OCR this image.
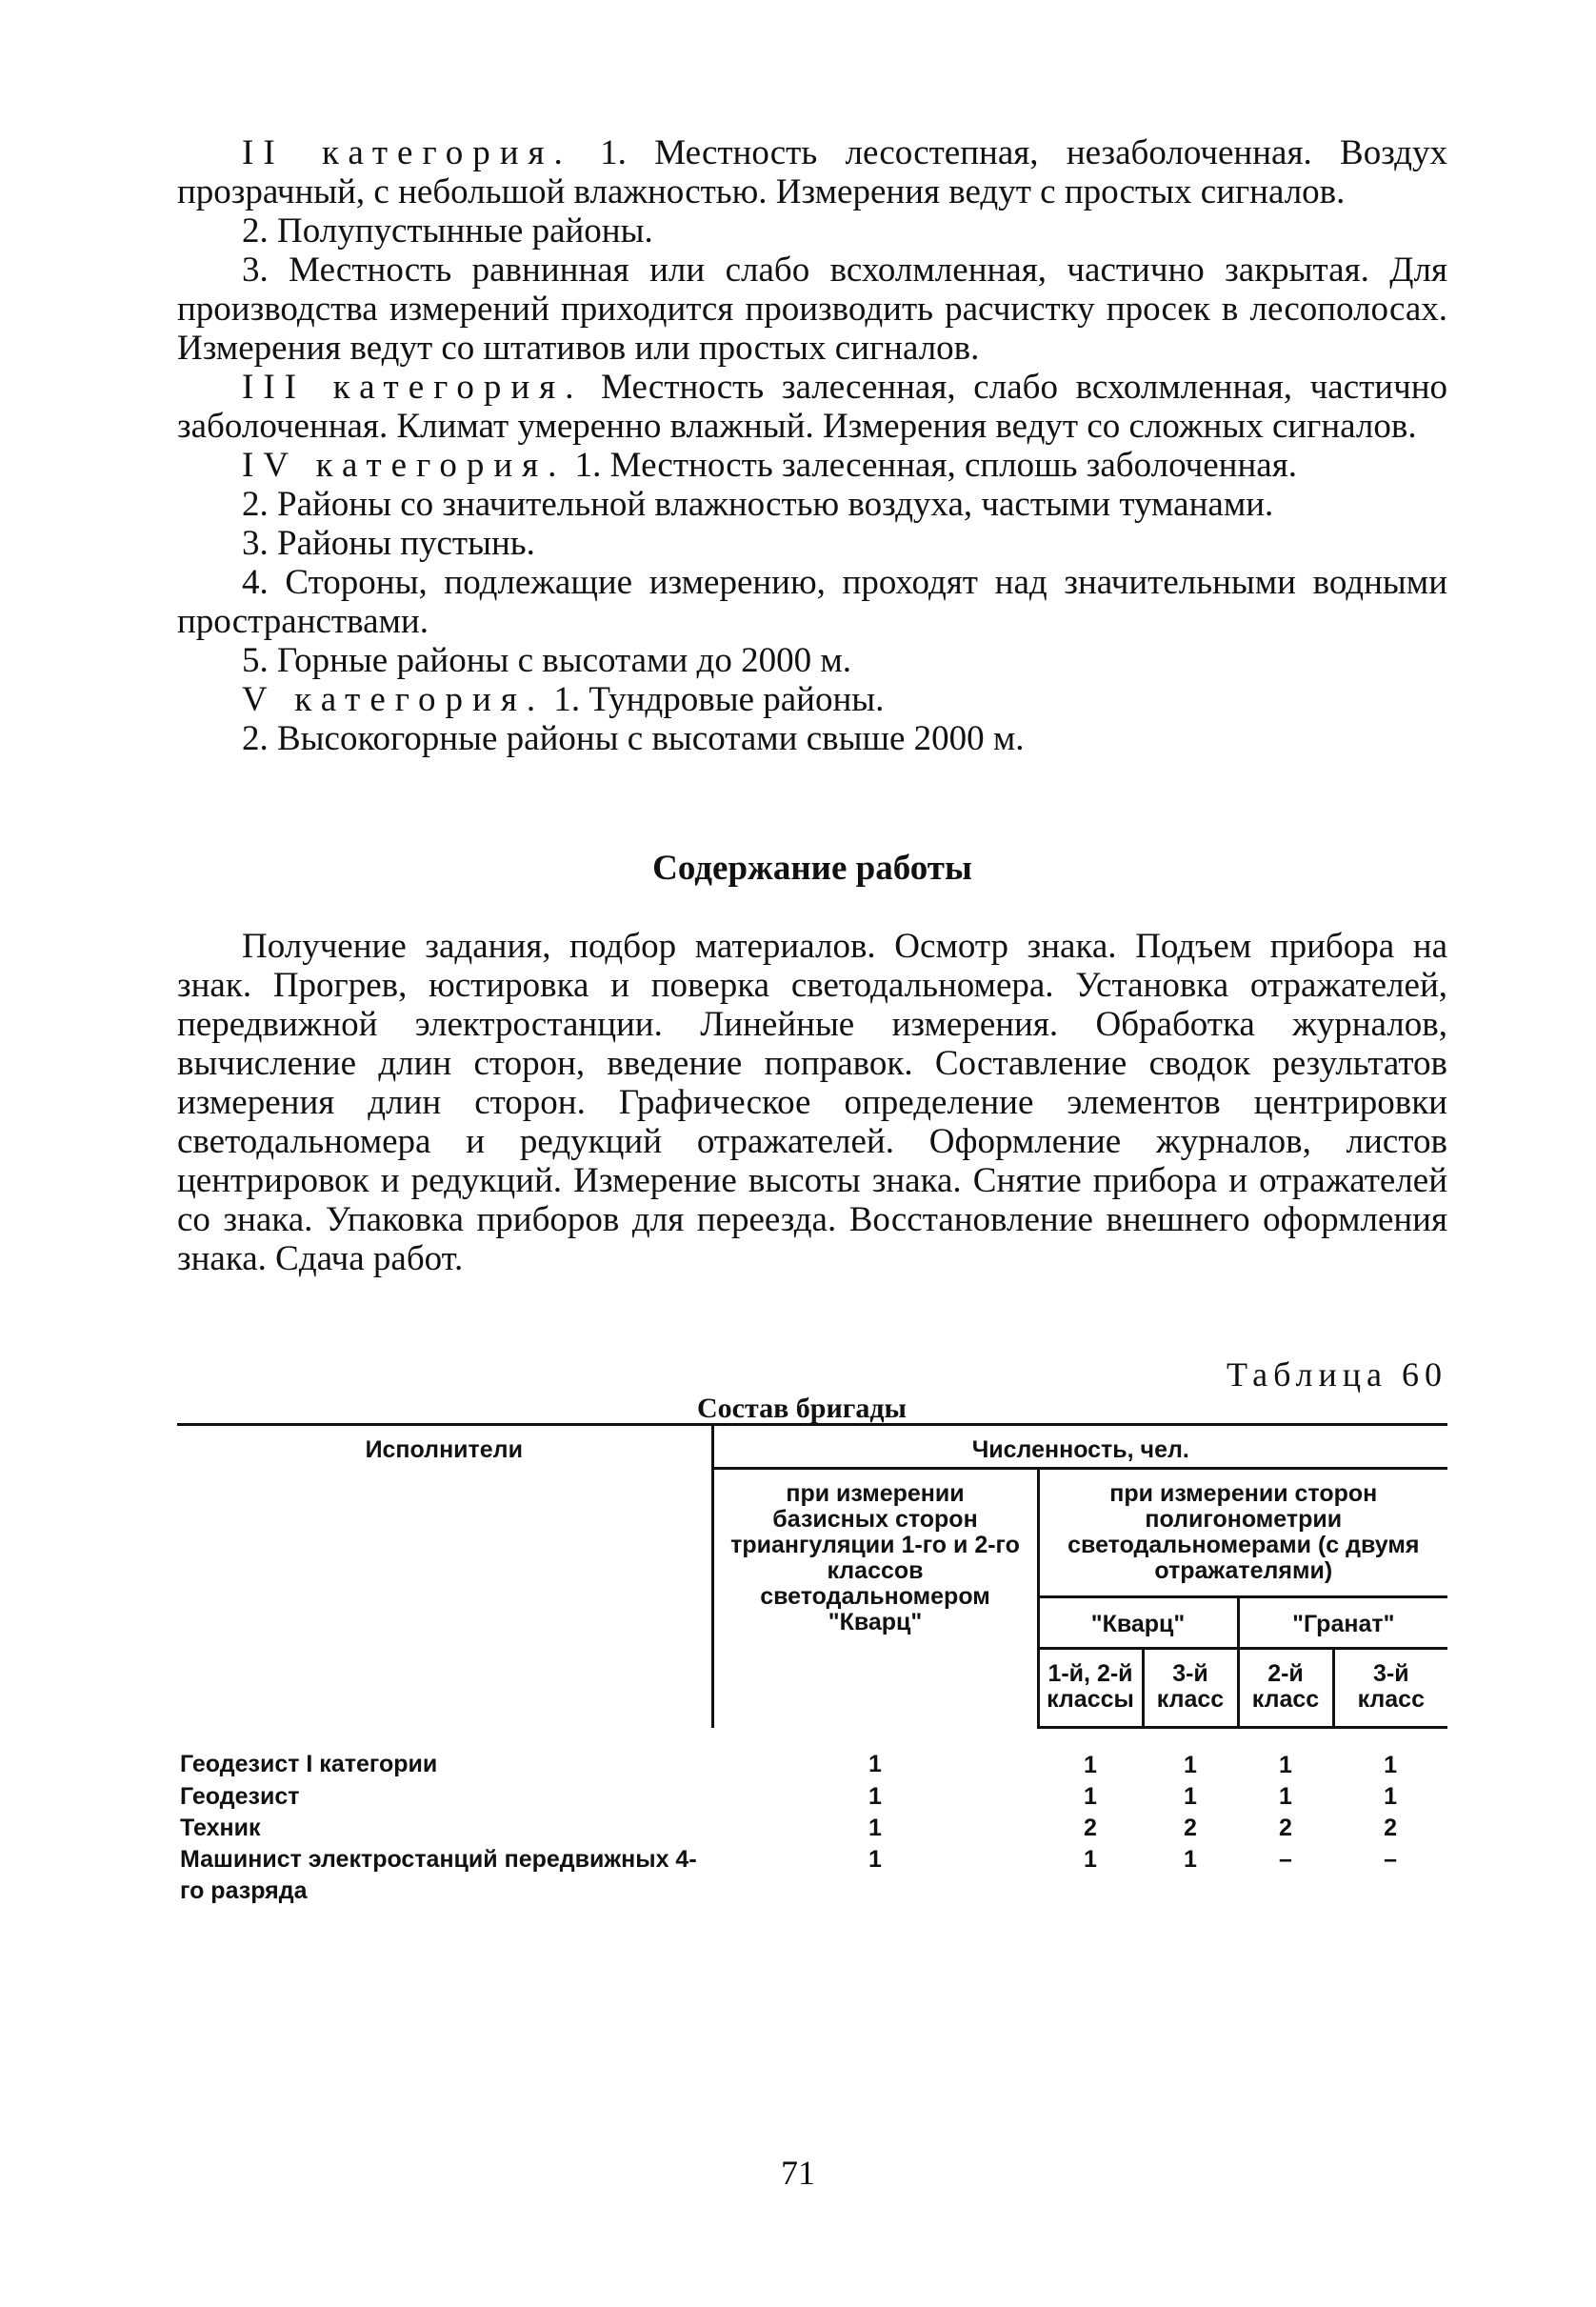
II категория. 1. Местность лесостепная, незаболоченная. Воздух прозрачный, с небольшой влажностью. Измерения ведут с простых сигналов.

2. Полупустынные районы.

3. Местность равнинная или слабо всхолмленная, частично закрытая. Для производства измерений приходится производить расчистку просек в лесополосах. Измерения ведут со штативов или простых сигналов.

III категория. Местность залесенная, слабо всхолмленная, частично заболоченная. Климат умеренно влажный. Измерения ведут со сложных сигналов.

IV категория. 1. Местность залесенная, сплошь заболоченная.

2. Районы со значительной влажностью воздуха, частыми туманами.

3. Районы пустынь.

4. Стороны, подлежащие измерению, проходят над значительными водными пространствами.

5. Горные районы с высотами до 2000 м.

V категория. 1. Тундровые районы.

2. Высокогорные районы с высотами свыше 2000 м.

Содержание работы

Получение задания, подбор материалов. Осмотр знака. Подъем прибора на знак. Прогрев, юстировка и поверка светодальномера. Установка отражателей, передвижной электростанции. Линейные измерения. Обработка журналов, вычисление длин сторон, введение поправок. Составление сводок результатов измерения длин сторон. Графическое определение элементов центрировки светодальномера и редукций отражателей. Оформление журналов, листов центрировок и редукций. Измерение высоты знака. Снятие прибора и отражателей со знака. Упаковка приборов для переезда. Восстановление внешнего оформления знака. Сдача работ.

Таблица 60
Состав бригады
Исполнители	Численность, чел.				
	при измерении базисных сторон триангуляции 1-го и 2-го классов светодальномером "Кварц"	при измерении сторон полигонометрии светодальномерами (с двумя отражателями)			
		"Кварц"		"Гранат"	
		1-й, 2-й классы	3-й класс	2-й класс	3-й класс
Геодезист I категории	1	1	1	1	1
Геодезист	1	1	1	1	1
Техник	1	2	2	2	2
Машинист электростанций передвижных 4-го разряда	1	1	1	–	–
71
